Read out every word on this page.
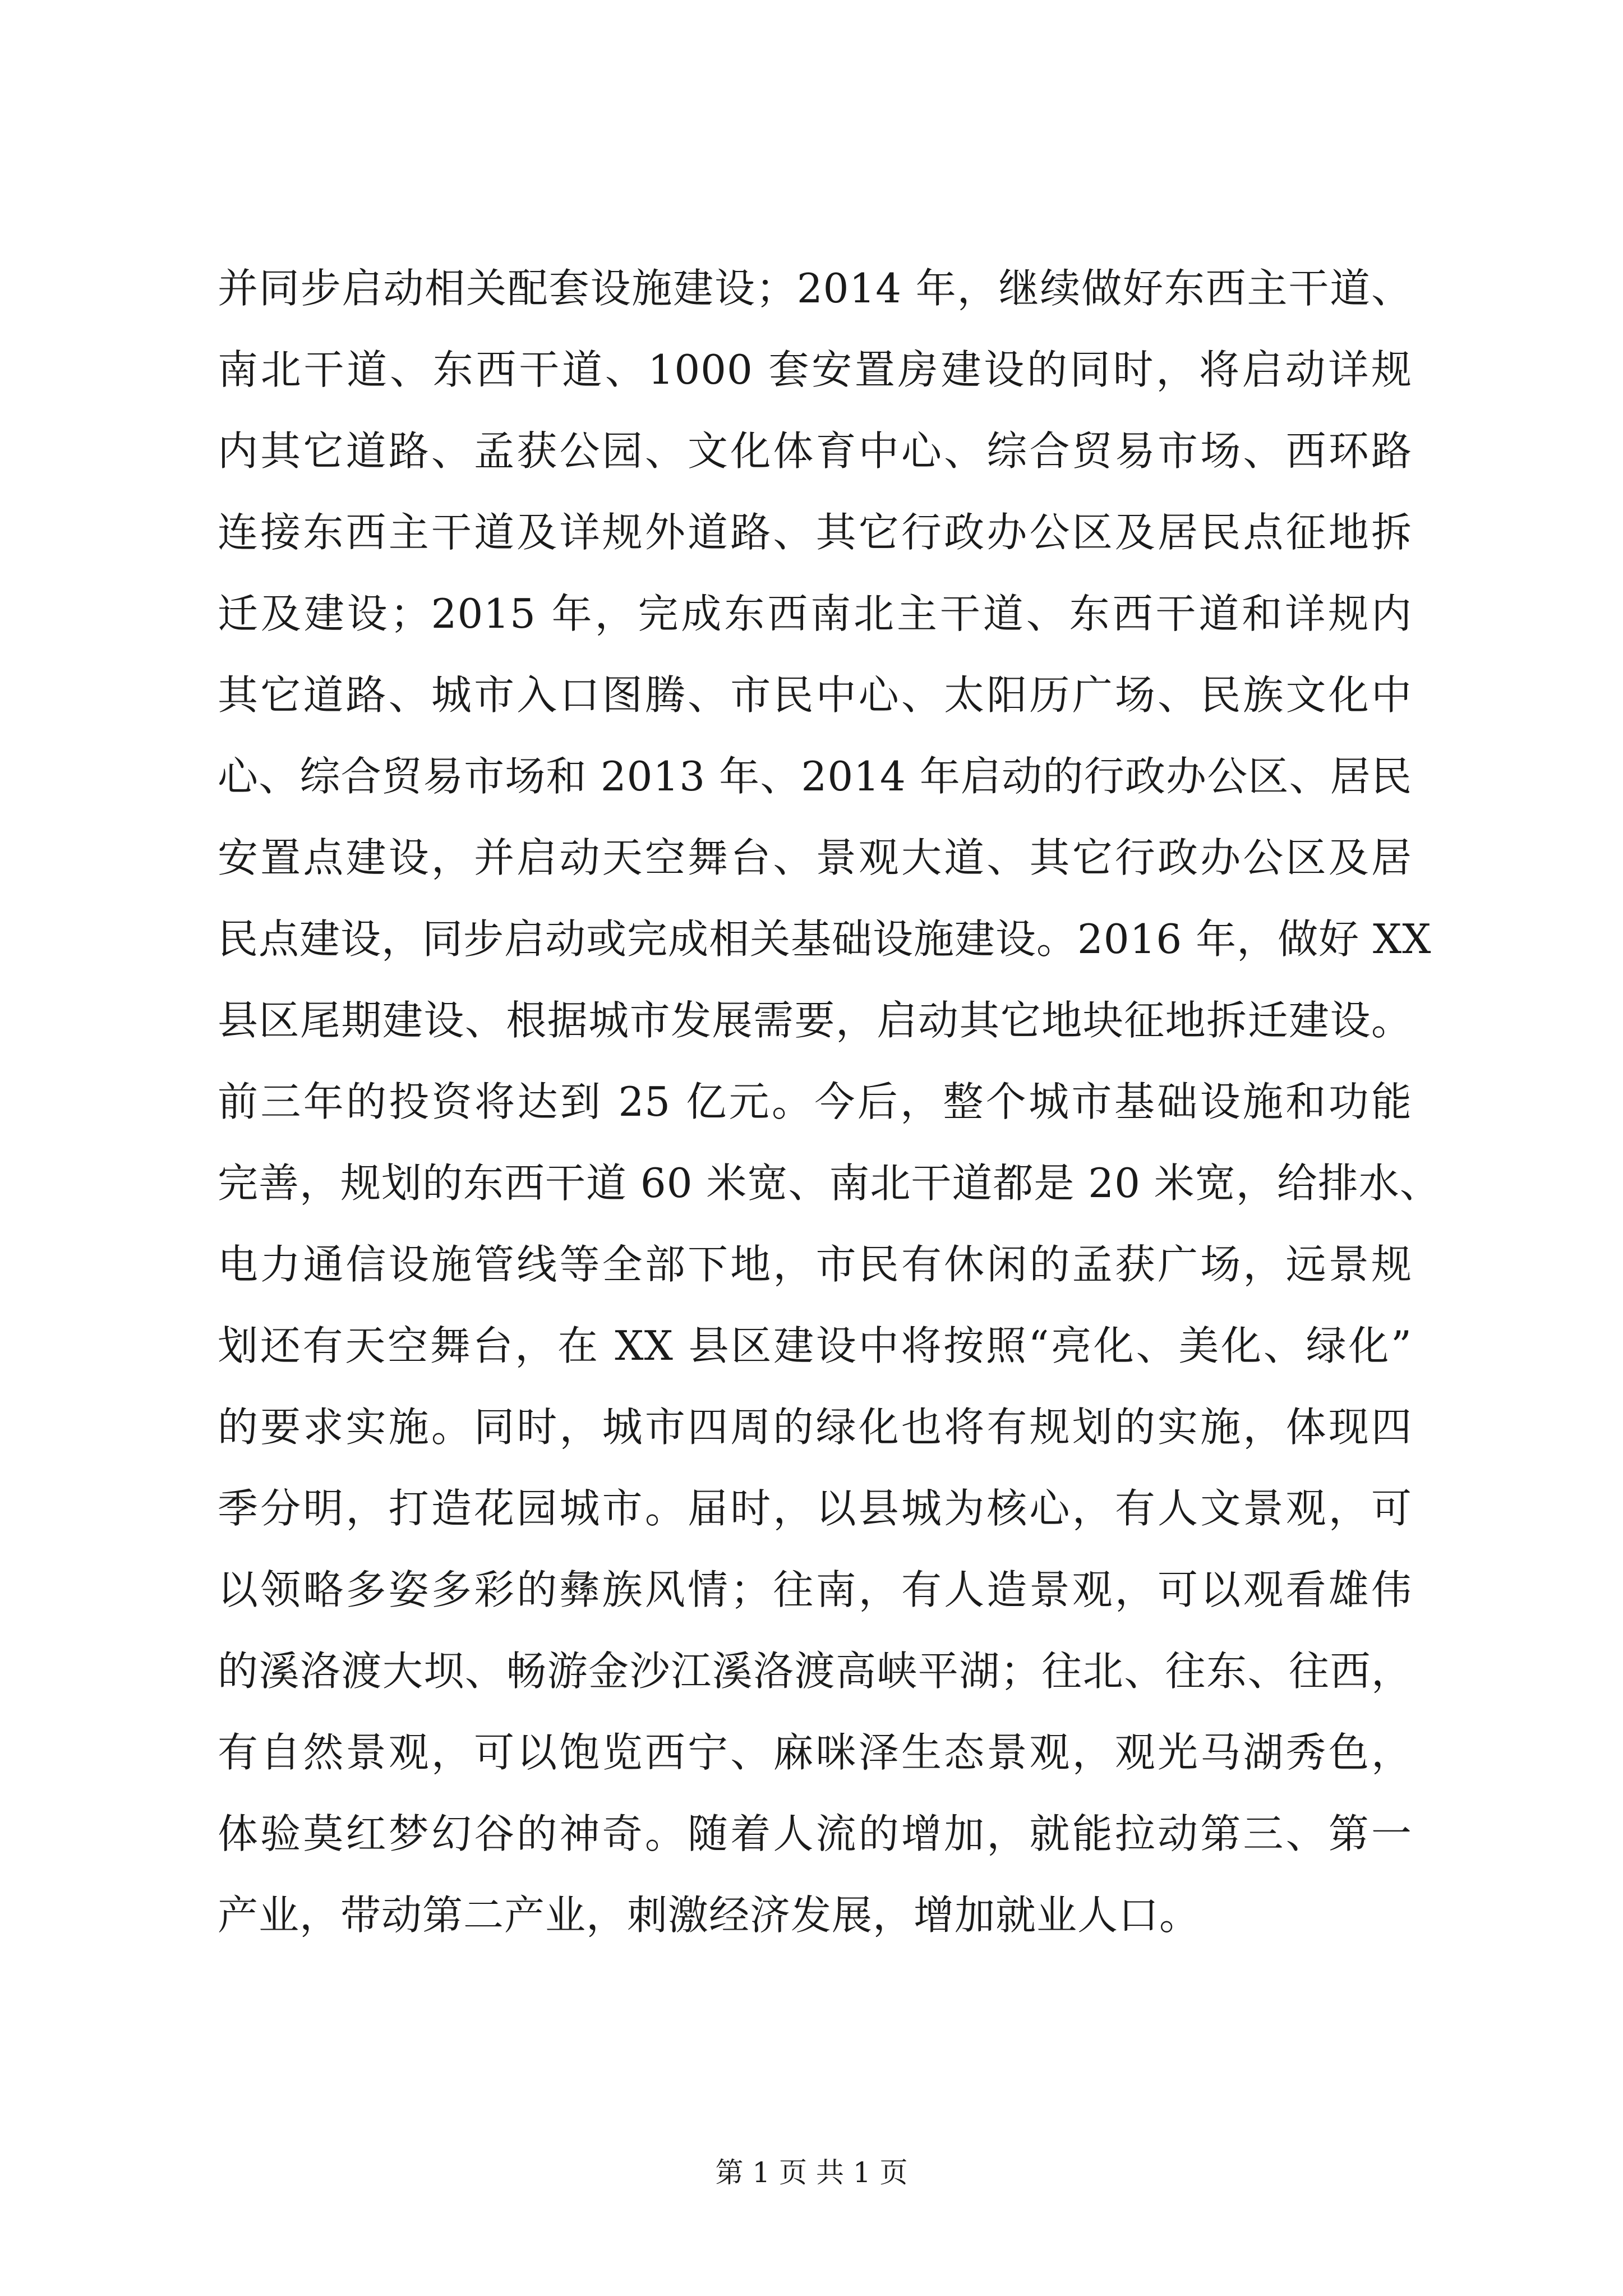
并同步启动相关配套设施建设；2014 年，继续做好东西主干道、
南北干道、东西干道、1000 套安置房建设的同时，将启动详规
内其它道路、孟获公园、文化体育中心、综合贸易市场、西环路
连接东西主干道及详规外道路、其它行政办公区及居民点征地拆
迁及建设；2015 年，完成东西南北主干道、东西干道和详规内
其它道路、城市入口图腾、市民中心、太阳历广场、民族文化中
心、综合贸易市场和 2013 年、2014 年启动的行政办公区、居民
安置点建设，并启动天空舞台、景观大道、其它行政办公区及居
民点建设，同步启动或完成相关基础设施建设。2016 年，做好 XX
县区尾期建设、根据城市发展需要，启动其它地块征地拆迁建设。
前三年的投资将达到 25 亿元。今后，整个城市基础设施和功能
完善，规划的东西干道 60 米宽、南北干道都是 20 米宽，给排水、
电力通信设施管线等全部下地，市民有休闲的孟获广场，远景规
划还有天空舞台，在 XX 县区建设中将按照“亮化、美化、绿化”
的要求实施。同时，城市四周的绿化也将有规划的实施，体现四
季分明，打造花园城市。届时，以县城为核心，有人文景观，可
以领略多姿多彩的彝族风情；往南，有人造景观，可以观看雄伟
的溪洛渡大坝、畅游金沙江溪洛渡高峡平湖；往北、往东、往西，
有自然景观，可以饱览西宁、麻咪泽生态景观，观光马湖秀色，
体验莫红梦幻谷的神奇。随着人流的增加，就能拉动第三、第一
产业，带动第二产业，刺激经济发展，增加就业人口。
第 1 页 共 1 页
